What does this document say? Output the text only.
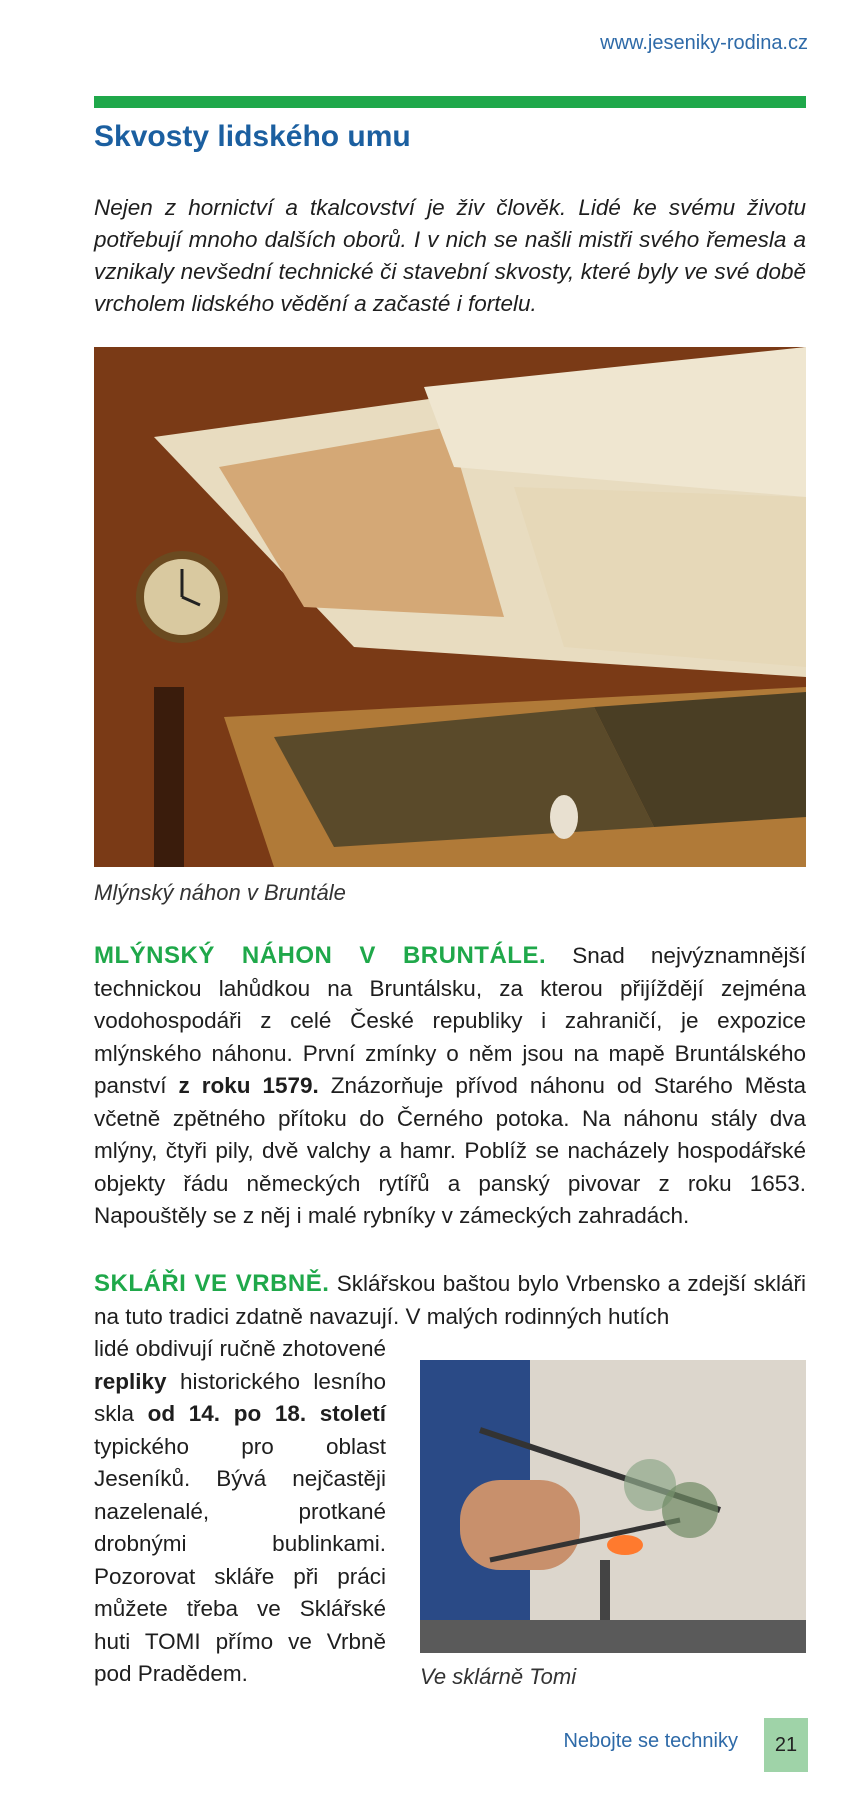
www.jeseniky-rodina.cz
Skvosty lidského umu

Nejen z hornictví a tkalcovství je živ člověk. Lidé ke svému životu potřebují mnoho dalších oborů. I v nich se našli mistři svého řemesla a vznikaly nevšední technické či stavební skvosty, které byly ve své době vrcholem lidského vědění a začasté i fortelu.

Mlýnský náhon v Bruntále

MLÝNSKÝ NÁHON V BRUNTÁLE. Snad nejvýznamnější technickou lahůdkou na Bruntálsku, za kterou přijíždějí zejména vodohospodáři z celé České republiky i zahraničí, je expozice mlýnského náhonu. První zmínky o něm jsou na mapě Bruntálského panství z roku 1579. Znázorňuje přívod náhonu od Starého Města včetně zpětného přítoku do Černého potoka. Na náhonu stály dva mlýny, čtyři pily, dvě valchy a hamr. Poblíž se nacházely hospodářské objekty řádu německých rytířů a panský pivovar z roku 1653. Napouštěly se z něj i malé rybníky v zámeckých zahradách.

SKLÁŘI VE VRBNĚ. Sklářskou baštou bylo Vrbensko a zdejší skláři na tuto tradici zdatně navazují. V malých rodinných hutích

lidé obdivují ručně zhotovené repliky historického lesního skla od 14. po 18. století typického pro oblast Jeseníků. Bývá nejčastěji nazelenalé, protkané drobnými bublinkami. Pozorovat skláře při práci můžete třeba ve Sklářské huti TOMI přímo ve Vrbně pod Pradědem.	Ve sklárně Tomi
Nebojte se techniky	21
